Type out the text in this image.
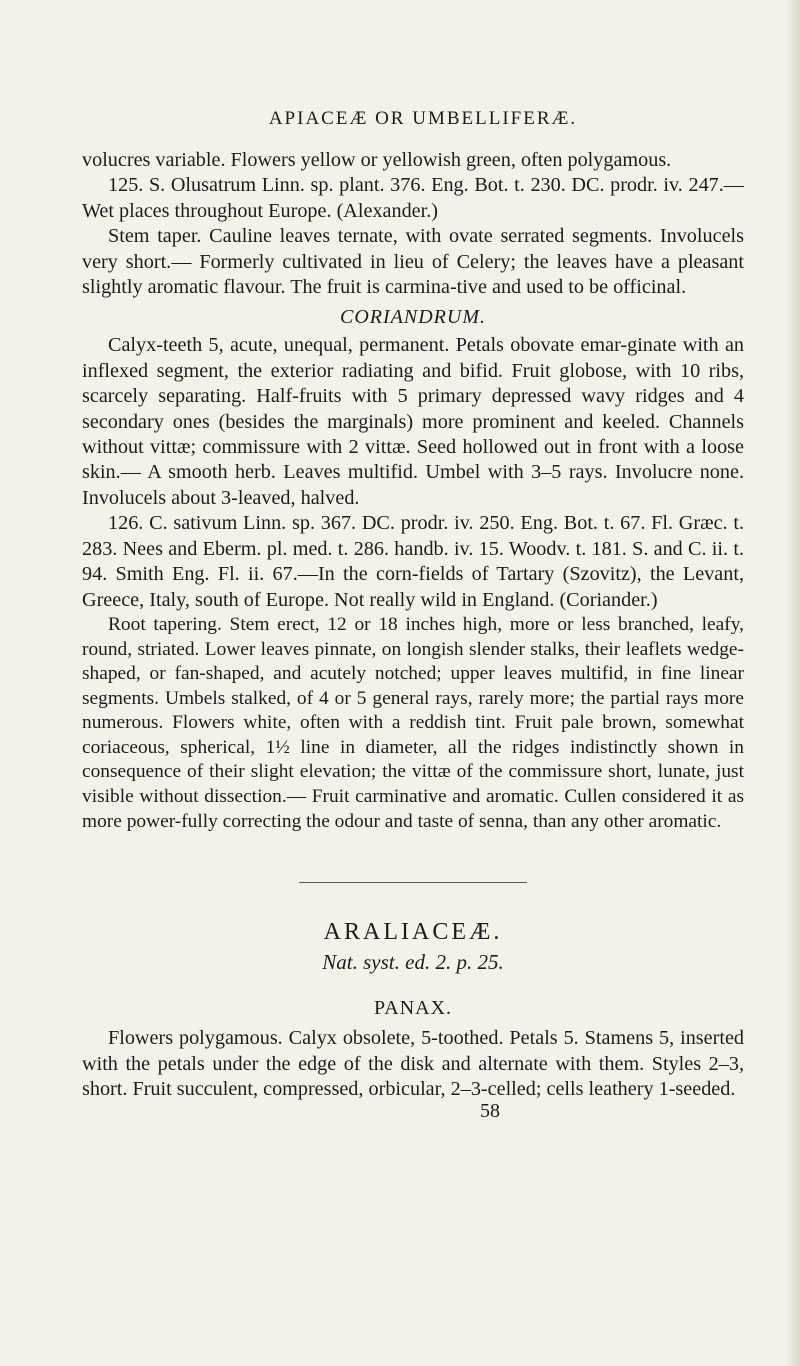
APIACEÆ OR UMBELLIFERÆ.

volucres variable. Flowers yellow or yellowish green, often polygamous.

125. S. Olusatrum Linn. sp. plant. 376. Eng. Bot. t. 230. DC. prodr. iv. 247.—Wet places throughout Europe. (Alexander.)

Stem taper. Cauline leaves ternate, with ovate serrated segments. Involucels very short.— Formerly cultivated in lieu of Celery; the leaves have a pleasant slightly aromatic flavour. The fruit is carmina-tive and used to be officinal.

CORIANDRUM.

Calyx-teeth 5, acute, unequal, permanent. Petals obovate emar-ginate with an inflexed segment, the exterior radiating and bifid. Fruit globose, with 10 ribs, scarcely separating. Half-fruits with 5 primary depressed wavy ridges and 4 secondary ones (besides the marginals) more prominent and keeled. Channels without vittæ; commissure with 2 vittæ. Seed hollowed out in front with a loose skin.— A smooth herb. Leaves multifid. Umbel with 3–5 rays. Involucre none. Involucels about 3-leaved, halved.

126. C. sativum Linn. sp. 367. DC. prodr. iv. 250. Eng. Bot. t. 67. Fl. Græc. t. 283. Nees and Eberm. pl. med. t. 286. handb. iv. 15. Woodv. t. 181. S. and C. ii. t. 94. Smith Eng. Fl. ii. 67.—In the corn-fields of Tartary (Szovitz), the Levant, Greece, Italy, south of Europe. Not really wild in England. (Coriander.)

Root tapering. Stem erect, 12 or 18 inches high, more or less branched, leafy, round, striated. Lower leaves pinnate, on longish slender stalks, their leaflets wedge-shaped, or fan-shaped, and acutely notched; upper leaves multifid, in fine linear segments. Umbels stalked, of 4 or 5 general rays, rarely more; the partial rays more numerous. Flowers white, often with a reddish tint. Fruit pale brown, somewhat coriaceous, spherical, 1½ line in diameter, all the ridges indistinctly shown in consequence of their slight elevation; the vittæ of the commissure short, lunate, just visible without dissection.— Fruit carminative and aromatic. Cullen considered it as more power-fully correcting the odour and taste of senna, than any other aromatic.

ARALIACEÆ.
Nat. syst. ed. 2. p. 25.
PANAX.

Flowers polygamous. Calyx obsolete, 5-toothed. Petals 5. Stamens 5, inserted with the petals under the edge of the disk and alternate with them. Styles 2–3, short. Fruit succulent, compressed, orbicular, 2–3-celled; cells leathery 1-seeded.

58
